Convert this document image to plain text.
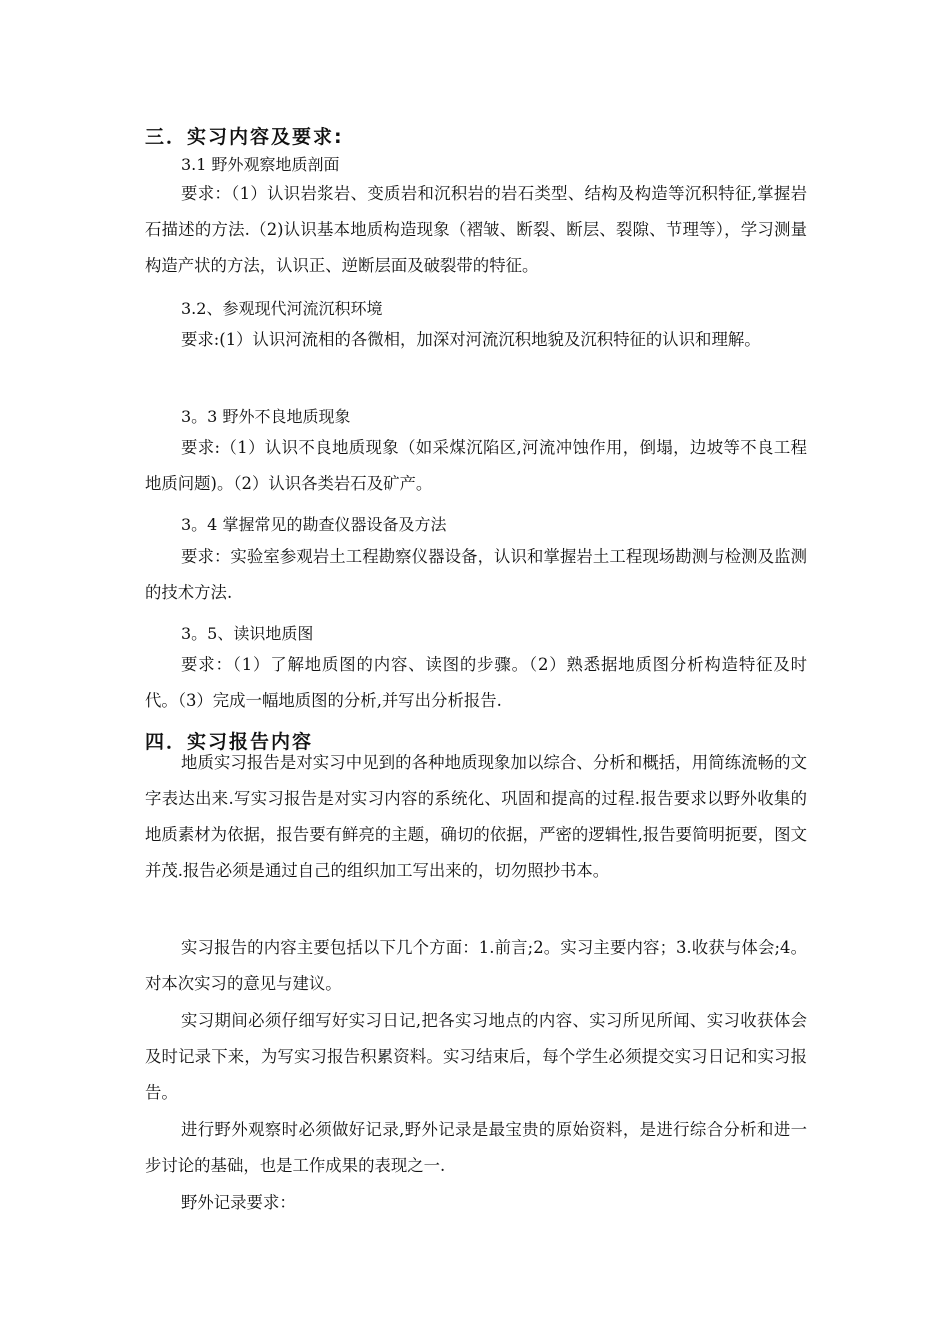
三．实习内容及要求:
3.1 野外观察地质剖面
要求：（1）认识岩浆岩、变质岩和沉积岩的岩石类型、结构及构造等沉积特征,掌握岩石描述的方法.（2)认识基本地质构造现象（褶皱、断裂、断层、裂隙、节理等），学习测量构造产状的方法，认识正、逆断层面及破裂带的特征。
3.2、参观现代河流沉积环境
要求:(1）认识河流相的各微相，加深对河流沉积地貌及沉积特征的认识和理解。
3。3 野外不良地质现象
要求:（1）认识不良地质现象（如采煤沉陷区,河流冲蚀作用，倒塌，边坡等不良工程地质问题)。（2）认识各类岩石及矿产。
3。4 掌握常见的勘查仪器设备及方法
要求：实验室参观岩土工程勘察仪器设备，认识和掌握岩土工程现场勘测与检测及监测的技术方法.
3。5、读识地质图
要求：（1）了解地质图的内容、读图的步骤。（2）熟悉据地质图分析构造特征及时代。（3）完成一幅地质图的分析,并写出分析报告.
四．实习报告内容
地质实习报告是对实习中见到的各种地质现象加以综合、分析和概括，用简练流畅的文字表达出来.写实习报告是对实习内容的系统化、巩固和提高的过程.报告要求以野外收集的地质素材为依据，报告要有鲜亮的主题，确切的依据，严密的逻辑性,报告要简明扼要，图文并茂.报告必须是通过自己的组织加工写出来的，切勿照抄书本。
实习报告的内容主要包括以下几个方面：1.前言;2。实习主要内容；3.收获与体会;4。对本次实习的意见与建议。
实习期间必须仔细写好实习日记,把各实习地点的内容、实习所见所闻、实习收获体会及时记录下来，为写实习报告积累资料。实习结束后，每个学生必须提交实习日记和实习报告。
进行野外观察时必须做好记录,野外记录是最宝贵的原始资料，是进行综合分析和进一步讨论的基础，也是工作成果的表现之一.
野外记录要求：
